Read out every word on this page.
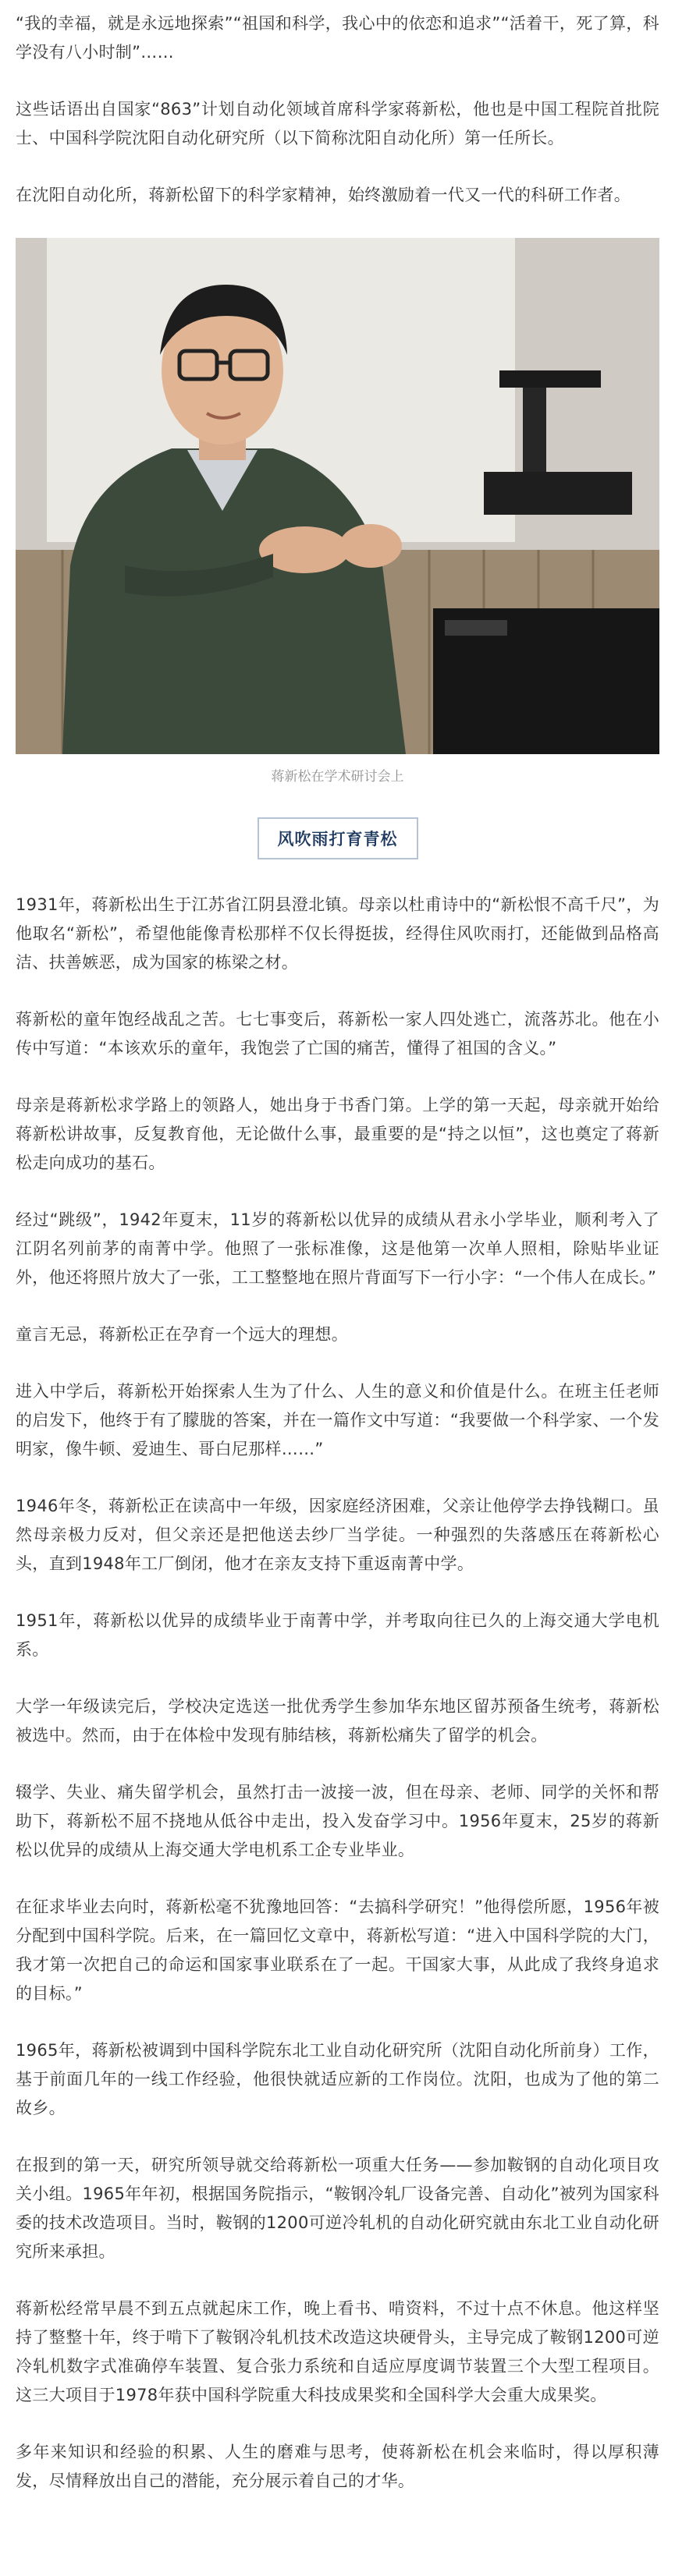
“我的幸福，就是永远地探索”“祖国和科学，我心中的依恋和追求”“活着干，死了算，科学没有八小时制”……

这些话语出自国家“863”计划自动化领域首席科学家蒋新松，他也是中国工程院首批院士、中国科学院沈阳自动化研究所（以下简称沈阳自动化所）第一任所长。

在沈阳自动化所，蒋新松留下的科学家精神，始终激励着一代又一代的科研工作者。

蒋新松在学术研讨会上
风吹雨打育青松

1931年，蒋新松出生于江苏省江阴县澄北镇。母亲以杜甫诗中的“新松恨不高千尺”，为他取名“新松”，希望他能像青松那样不仅长得挺拔，经得住风吹雨打，还能做到品格高洁、扶善嫉恶，成为国家的栋梁之材。

蒋新松的童年饱经战乱之苦。七七事变后，蒋新松一家人四处逃亡，流落苏北。他在小传中写道：“本该欢乐的童年，我饱尝了亡国的痛苦，懂得了祖国的含义。”

母亲是蒋新松求学路上的领路人，她出身于书香门第。上学的第一天起，母亲就开始给蒋新松讲故事，反复教育他，无论做什么事，最重要的是“持之以恒”，这也奠定了蒋新松走向成功的基石。

经过“跳级”，1942年夏末，11岁的蒋新松以优异的成绩从君永小学毕业，顺利考入了江阴名列前茅的南菁中学。他照了一张标准像，这是他第一次单人照相，除贴毕业证外，他还将照片放大了一张，工工整整地在照片背面写下一行小字：“一个伟人在成长。”

童言无忌，蒋新松正在孕育一个远大的理想。

进入中学后，蒋新松开始探索人生为了什么、人生的意义和价值是什么。在班主任老师的启发下，他终于有了朦胧的答案，并在一篇作文中写道：“我要做一个科学家、一个发明家，像牛顿、爱迪生、哥白尼那样……”

1946年冬，蒋新松正在读高中一年级，因家庭经济困难，父亲让他停学去挣钱糊口。虽然母亲极力反对，但父亲还是把他送去纱厂当学徒。一种强烈的失落感压在蒋新松心头，直到1948年工厂倒闭，他才在亲友支持下重返南菁中学。

1951年，蒋新松以优异的成绩毕业于南菁中学，并考取向往已久的上海交通大学电机系。

大学一年级读完后，学校决定选送一批优秀学生参加华东地区留苏预备生统考，蒋新松被选中。然而，由于在体检中发现有肺结核，蒋新松痛失了留学的机会。

辍学、失业、痛失留学机会，虽然打击一波接一波，但在母亲、老师、同学的关怀和帮助下，蒋新松不屈不挠地从低谷中走出，投入发奋学习中。1956年夏末，25岁的蒋新松以优异的成绩从上海交通大学电机系工企专业毕业。

在征求毕业去向时，蒋新松毫不犹豫地回答：“去搞科学研究！”他得偿所愿，1956年被分配到中国科学院。后来，在一篇回忆文章中，蒋新松写道：“进入中国科学院的大门，我才第一次把自己的命运和国家事业联系在了一起。干国家大事，从此成了我终身追求的目标。”

1965年，蒋新松被调到中国科学院东北工业自动化研究所（沈阳自动化所前身）工作，基于前面几年的一线工作经验，他很快就适应新的工作岗位。沈阳，也成为了他的第二故乡。

在报到的第一天，研究所领导就交给蒋新松一项重大任务——参加鞍钢的自动化项目攻关小组。1965年年初，根据国务院指示，“鞍钢冷轧厂设备完善、自动化”被列为国家科委的技术改造项目。当时，鞍钢的1200可逆冷轧机的自动化研究就由东北工业自动化研究所来承担。

蒋新松经常早晨不到五点就起床工作，晚上看书、啃资料，不过十点不休息。他这样坚持了整整十年，终于啃下了鞍钢冷轧机技术改造这块硬骨头，主导完成了鞍钢1200可逆冷轧机数字式准确停车装置、复合张力系统和自适应厚度调节装置三个大型工程项目。这三大项目于1978年获中国科学院重大科技成果奖和全国科学大会重大成果奖。

多年来知识和经验的积累、人生的磨难与思考，使蒋新松在机会来临时，得以厚积薄发，尽情释放出自己的潜能，充分展示着自己的才华。
